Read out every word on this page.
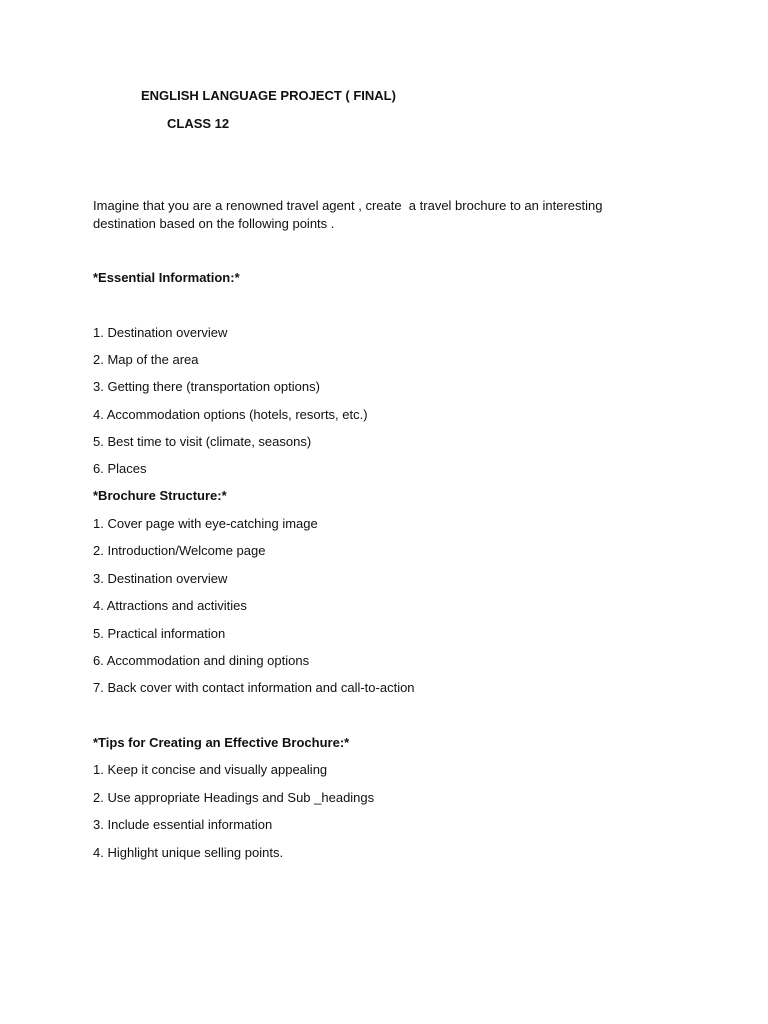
ENGLISH LANGUAGE PROJECT ( FINAL)
CLASS 12
Imagine that you are a renowned travel agent , create  a travel brochure to an interesting
destination based on the following points .
*Essential Information:*
1. Destination overview
2. Map of the area
3. Getting there (transportation options)
4. Accommodation options (hotels, resorts, etc.)
5. Best time to visit (climate, seasons)
6. Places
*Brochure Structure:*
1. Cover page with eye-catching image
2. Introduction/Welcome page
3. Destination overview
4. Attractions and activities
5. Practical information
6. Accommodation and dining options
7. Back cover with contact information and call-to-action
*Tips for Creating an Effective Brochure:*
1. Keep it concise and visually appealing
2. Use appropriate Headings and Sub _headings
3. Include essential information
4. Highlight unique selling points.
